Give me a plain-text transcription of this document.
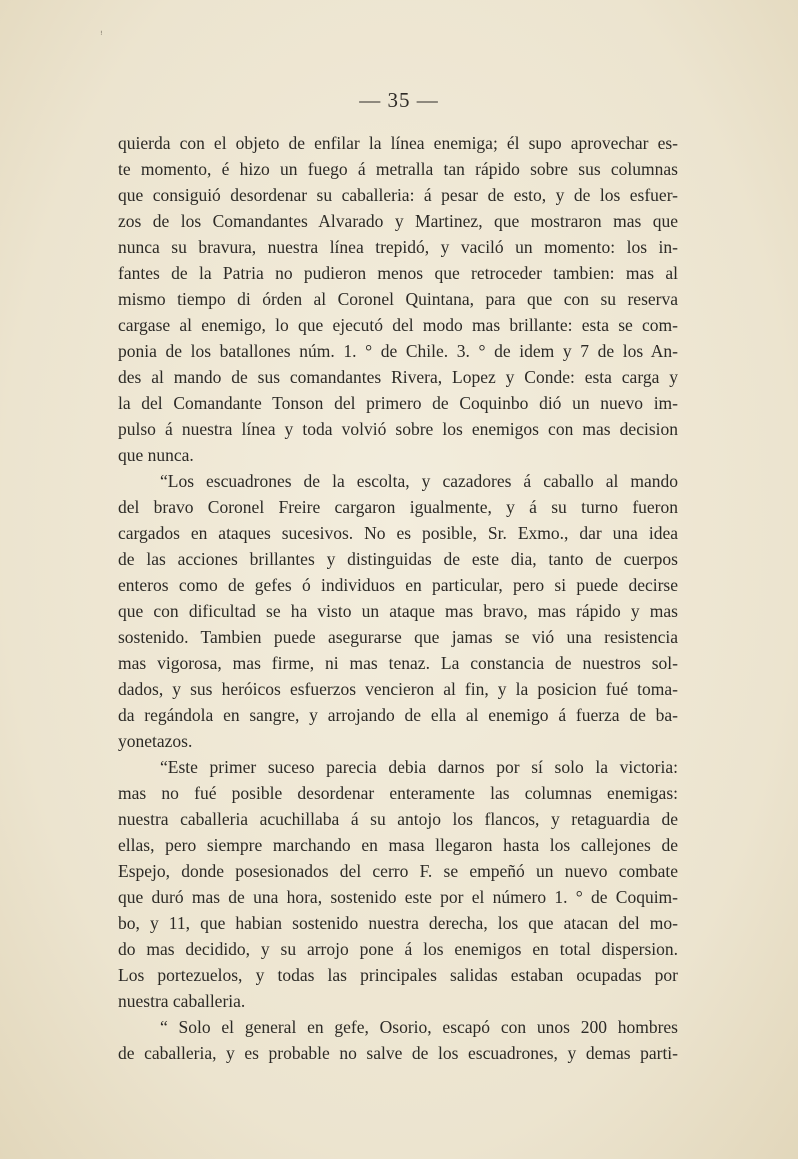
ꜝ
— 35 —
quierda con el objeto de enfilar la línea enemiga; él supo aprovechar es-
te momento, é hizo un fuego á metralla tan rápido sobre sus columnas
que consiguió desordenar su caballeria: á pesar de esto, y de los esfuer-
zos de los Comandantes Alvarado y Martinez, que mostraron mas que
nunca su bravura, nuestra línea trepidó, y vaciló un momento: los in-
fantes de la Patria no pudieron menos que retroceder tambien: mas al
mismo tiempo di órden al Coronel Quintana, para que con su reserva
cargase al enemigo, lo que ejecutó del modo mas brillante: esta se com-
ponia de los batallones núm. 1. ° de Chile. 3. ° de idem y 7 de los An-
des al mando de sus comandantes Rivera, Lopez y Conde: esta carga y
la del Comandante Tonson del primero de Coquinbo dió un nuevo im-
pulso á nuestra línea y toda volvió sobre los enemigos con mas decision
que nunca.
“Los escuadrones de la escolta, y cazadores á caballo al mando
del bravo Coronel Freire cargaron igualmente, y á su turno fueron
cargados en ataques sucesivos. No es posible, Sr. Exmo., dar una idea
de las acciones brillantes y distinguidas de este dia, tanto de cuerpos
enteros como de gefes ó individuos en particular, pero si puede decirse
que con dificultad se ha visto un ataque mas bravo, mas rápido y mas
sostenido. Tambien puede asegurarse que jamas se vió una resistencia
mas vigorosa, mas firme, ni mas tenaz. La constancia de nuestros sol-
dados, y sus heróicos esfuerzos vencieron al fin, y la posicion fué toma-
da regándola en sangre, y arrojando de ella al enemigo á fuerza de ba-
yonetazos.
“Este primer suceso parecia debia darnos por sí solo la victoria:
mas no fué posible desordenar enteramente las columnas enemigas:
nuestra caballeria acuchillaba á su antojo los flancos, y retaguardia de
ellas, pero siempre marchando en masa llegaron hasta los callejones de
Espejo, donde posesionados del cerro F. se empeñó un nuevo combate
que duró mas de una hora, sostenido este por el número 1. ° de Coquim-
bo, y 11, que habian sostenido nuestra derecha, los que atacan del mo-
do mas decidido, y su arrojo pone á los enemigos en total dispersion.
Los portezuelos, y todas las principales salidas estaban ocupadas por
nuestra caballeria.
“ Solo el general en gefe, Osorio, escapó con unos 200 hombres
de caballeria, y es probable no salve de los escuadrones, y demas parti-
